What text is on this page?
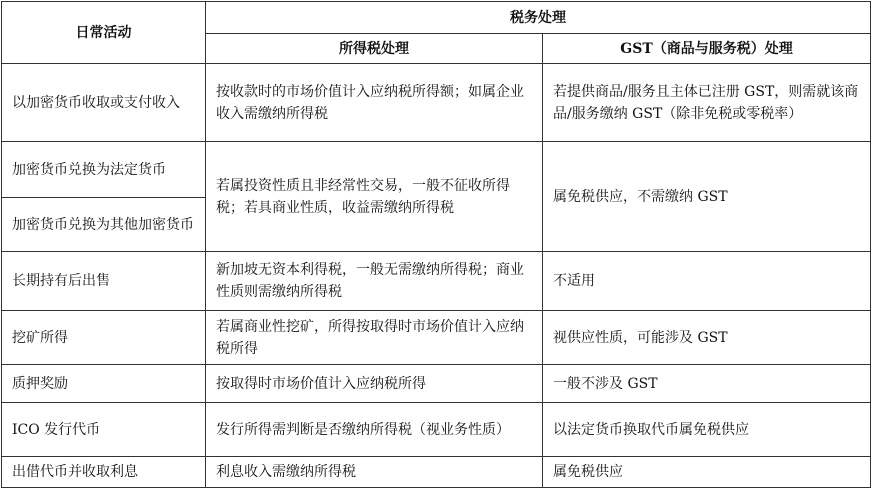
日常活动	税务处理	
	所得税处理	GST（商品与服务税）处理
以加密货币收取或支付收入	按收款时的市场价值计入应纳税所得额；如属企业收入需缴纳所得税	若提供商品/服务且主体已注册 GST，则需就该商品/服务缴纳 GST（除非免税或零税率）
加密货币兑换为法定货币	若属投资性质且非经常性交易，一般不征收所得税；若具商业性质，收益需缴纳所得税	属免税供应，不需缴纳 GST
加密货币兑换为其他加密货币		
长期持有后出售	新加坡无资本利得税，一般无需缴纳所得税；商业性质则需缴纳所得税	不适用
挖矿所得	若属商业性挖矿，所得按取得时市场价值计入应纳税所得	视供应性质，可能涉及 GST
质押奖励	按取得时市场价值计入应纳税所得	一般不涉及 GST
ICO 发行代币	发行所得需判断是否缴纳所得税（视业务性质）	以法定货币换取代币属免税供应
出借代币并收取利息	利息收入需缴纳所得税	属免税供应
